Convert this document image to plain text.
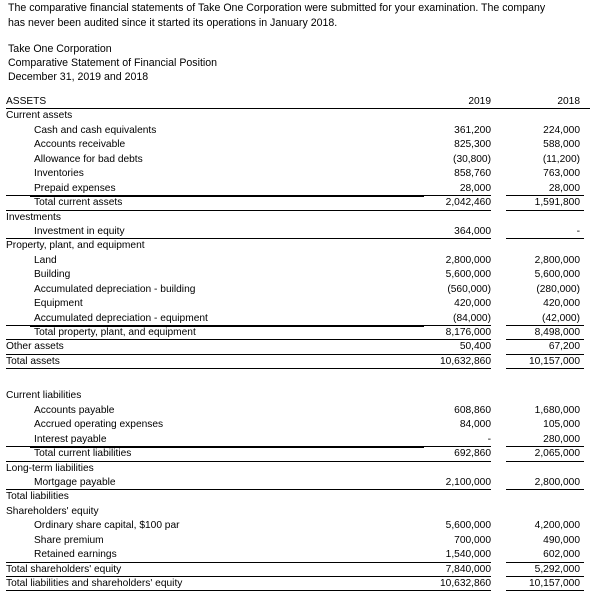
The comparative financial statements of Take One Corporation were submitted for your examination. The company
has never been audited since it started its operations in January 2018.
Take One Corporation
Comparative Statement of Financial Position
December 31, 2019 and 2018
ASSETS	2019	2018
Current assets
Cash and cash equivalents	361,200	224,000
Accounts receivable	825,300	588,000
Allowance for bad debts	(30,800)	(11,200)
Inventories	858,760	763,000
Prepaid expenses	28,000	28,000
Total current assets	2,042,460	1,591,800
Investments
Investment in equity	364,000	-
Property, plant, and equipment
Land	2,800,000	2,800,000
Building	5,600,000	5,600,000
Accumulated depreciation - building	(560,000)	(280,000)
Equipment	420,000	420,000
Accumulated depreciation - equipment	(84,000)	(42,000)
Total property, plant, and equipment	8,176,000	8,498,000
Other assets	50,400	67,200
Total assets	10,632,860	10,157,000
Current liabilities
Accounts payable	608,860	1,680,000
Accrued operating expenses	84,000	105,000
Interest payable	-	280,000
Total current liabilities	692,860	2,065,000
Long-term liabilities
Mortgage payable	2,100,000	2,800,000
Total liabilities
Shareholders' equity
Ordinary share capital, $100 par	5,600,000	4,200,000
Share premium	700,000	490,000
Retained earnings	1,540,000	602,000
Total shareholders' equity	7,840,000	5,292,000
Total liabilities and shareholders' equity	10,632,860	10,157,000
